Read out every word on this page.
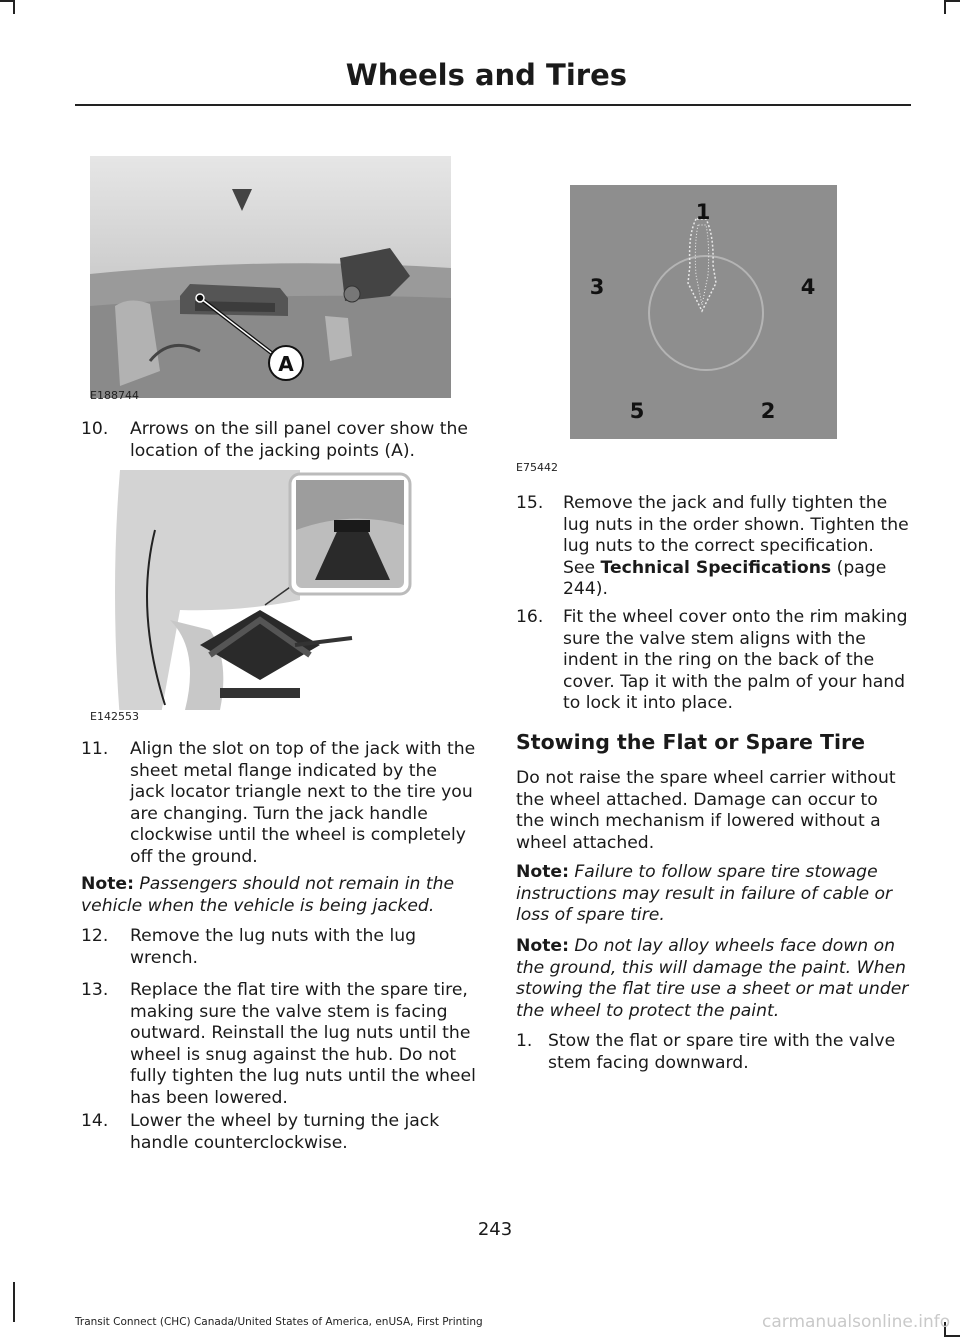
Wheels and Tires
A
E188744
10. Arrows on the sill panel cover show the location of the jacking points (A).
E142553
11. Align the slot on top of the jack with the sheet metal flange indicated by the jack locator triangle next to the tire you are changing. Turn the jack handle clockwise until the wheel is completely off the ground.
Note: Passengers should not remain in the vehicle when the vehicle is being jacked.
12. Remove the lug nuts with the lug wrench.
13. Replace the flat tire with the spare tire, making sure the valve stem is facing outward. Reinstall the lug nuts until the wheel is snug against the hub. Do not fully tighten the lug nuts until the wheel has been lowered.
14. Lower the wheel by turning the jack handle counterclockwise.
1
2
3	4
5
E75442
15. Remove the jack and fully tighten the lug nuts in the order shown. Tighten the lug nuts to the correct specification. See Technical Specifications (page 244).
16. Fit the wheel cover onto the rim making sure the valve stem aligns with the indent in the ring on the back of the cover. Tap it with the palm of your hand to lock it into place.
Stowing the Flat or Spare Tire
Do not raise the spare wheel carrier without the wheel attached. Damage can occur to the winch mechanism if lowered without a wheel attached.
Note: Failure to follow spare tire stowage instructions may result in failure of cable or loss of spare tire.
Note: Do not lay alloy wheels face down on the ground, this will damage the paint. When stowing the flat tire use a sheet or mat under the wheel to protect the paint.
1. Stow the flat or spare tire with the valve stem facing downward.
243
Transit Connect (CHC) Canada/United States of America, enUSA, First Printing	carmanualsonline.info
